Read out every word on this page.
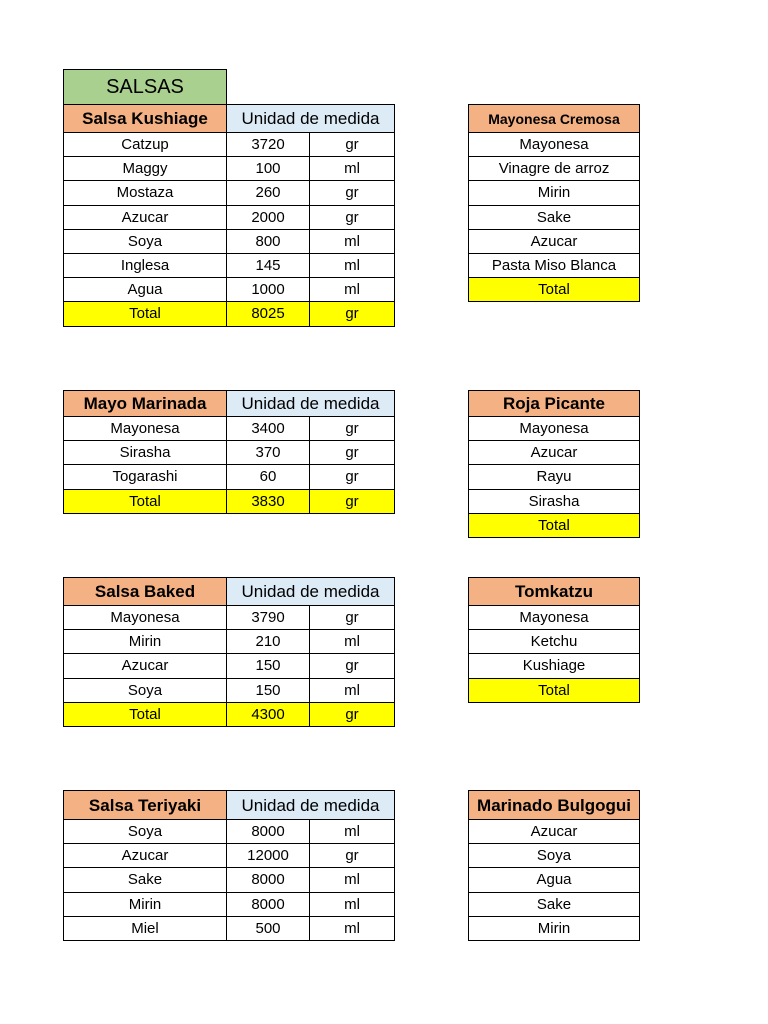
SALSAS
Salsa Kushiage	Unidad de medida
Catzup	3720	gr
Maggy	100	ml
Mostaza	260	gr
Azucar	2000	gr
Soya	800	ml
Inglesa	145	ml
Agua	1000	ml
Total	8025	gr
Mayo Marinada	Unidad de medida
Mayonesa	3400	gr
Sirasha	370	gr
Togarashi	60	gr
Total	3830	gr
Salsa Baked	Unidad de medida
Mayonesa	3790	gr
Mirin	210	ml
Azucar	150	gr
Soya	150	ml
Total	4300	gr
Salsa Teriyaki	Unidad de medida
Soya	8000	ml
Azucar	12000	gr
Sake	8000	ml
Mirin	8000	ml
Miel	500	ml
Mayonesa Cremosa
Mayonesa
Vinagre de arroz
Mirin
Sake
Azucar
Pasta Miso Blanca
Total
Roja Picante
Mayonesa
Azucar
Rayu
Sirasha
Total
Tomkatzu
Mayonesa
Ketchu
Kushiage
Total
Marinado Bulgogui
Azucar
Soya
Agua
Sake
Mirin
